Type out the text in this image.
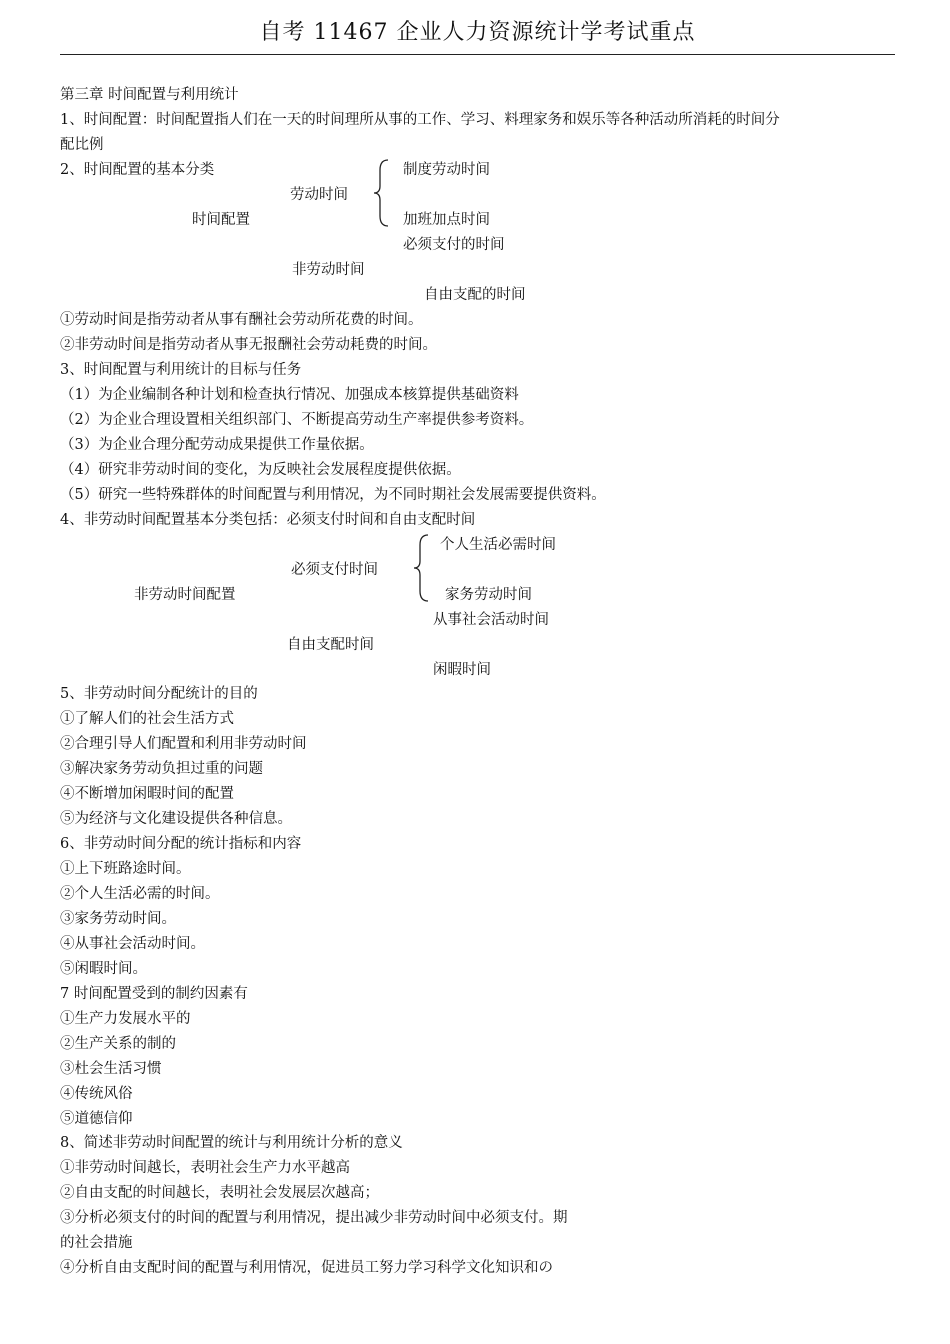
自考 11467 企业人力资源统计学考试重点
第三章 时间配置与利用统计
1、时间配置：时间配置指人们在一天的时间理所从事的工作、学习、料理家务和娱乐等各种活动所消耗的时间分
配比例
2、时间配置的基本分类	制度劳动时间
劳动时间
时间配置	加班加点时间
必须支付的时间
非劳动时间
自由支配的时间
①劳动时间是指劳动者从事有酬社会劳动所花费的时间。
②非劳动时间是指劳动者从事无报酬社会劳动耗费的时间。
3、时间配置与利用统计的目标与任务
（1）为企业编制各种计划和检查执行情况、加强成本核算提供基础资料
（2）为企业合理设置相关组织部门、不断提高劳动生产率提供参考资料。
（3）为企业合理分配劳动成果提供工作量依据。
（4）研究非劳动时间的变化，为反映社会发展程度提供依据。
（5）研究一些特殊群体的时间配置与利用情况，为不同时期社会发展需要提供资料。
4、非劳动时间配置基本分类包括：必须支付时间和自由支配时间
个人生活必需时间
必须支付时间
非劳动时间配置	家务劳动时间
从事社会活动时间
自由支配时间
闲暇时间
5、非劳动时间分配统计的目的
①了解人们的社会生活方式
②合理引导人们配置和利用非劳动时间
③解决家务劳动负担过重的问题
④不断增加闲暇时间的配置
⑤为经济与文化建设提供各种信息。
6、非劳动时间分配的统计指标和内容
①上下班路途时间。
②个人生活必需的时间。
③家务劳动时间。
④从事社会活动时间。
⑤闲暇时间。
7 时间配置受到的制约因素有
①生产力发展水平的
②生产关系的制的
③杜会生活习惯
④传统风俗
⑤道德信仰
8、简述非劳动时间配置的统计与利用统计分析的意义
①非劳动时间越长，表明社会生产力水平越高
②自由支配的时间越长，表明社会发展层次越高；
③分析必须支付的时间的配置与利用情况，提出减少非劳动时间中必须支付。期
的社会措施
④分析自由支配时间的配置与利用情况，促进员工努力学习科学文化知识和の
